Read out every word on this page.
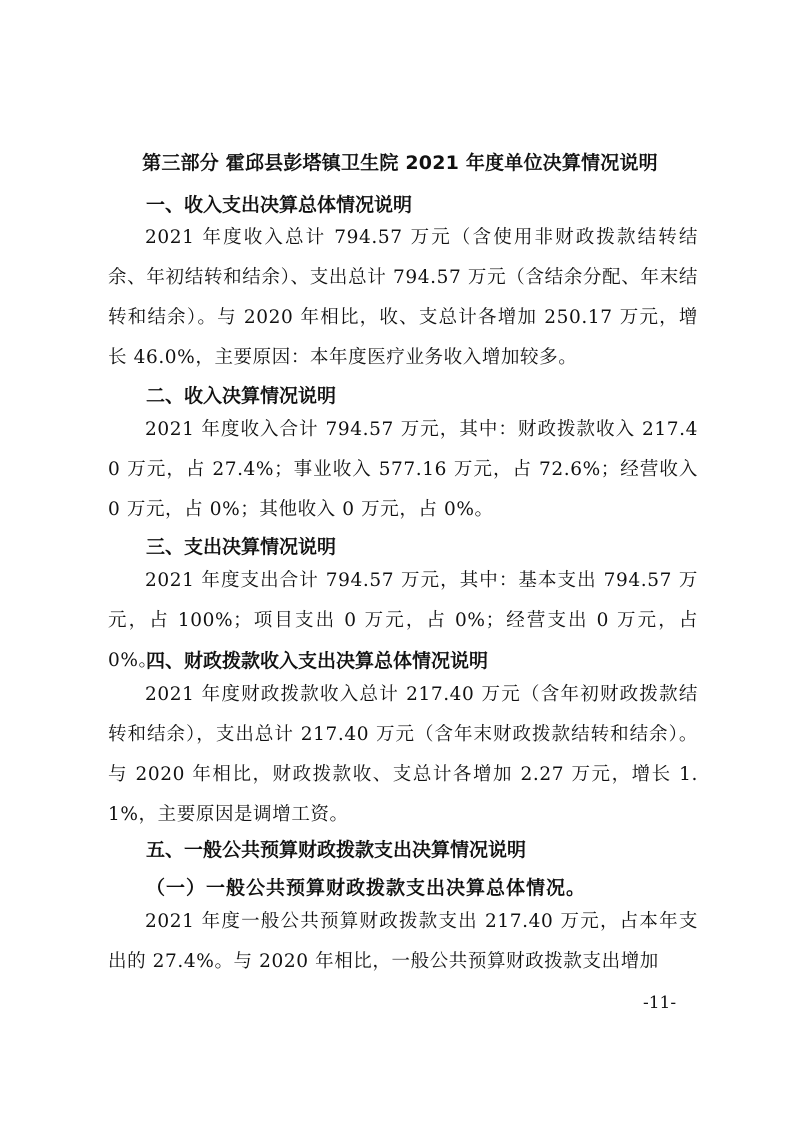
第三部分 霍邱县彭塔镇卫生院 2021 年度单位决算情况说明
一、收入支出决算总体情况说明

2021 年度收入总计 794.57 万元（含使用非财政拨款结转结余、年初结转和结余）、支出总计 794.57 万元（含结余分配、年末结转和结余）。与 2020 年相比，收、支总计各增加 250.17 万元，增长 46.0%，主要原因：本年度医疗业务收入增加较多。

二、收入决算情况说明

2021 年度收入合计 794.57 万元，其中：财政拨款收入 217.40 万元，占 27.4%；事业收入 577.16 万元，占 72.6%；经营收入 0 万元，占 0%；其他收入 0 万元，占 0%。

三、支出决算情况说明

2021 年度支出合计 794.57 万元，其中：基本支出 794.57 万元，占 100%；项目支出 0 万元，占 0%；经营支出 0 万元，占 0%。

四、财政拨款收入支出决算总体情况说明

2021 年度财政拨款收入总计 217.40 万元（含年初财政拨款结转和结余），支出总计 217.40 万元（含年末财政拨款结转和结余）。与 2020 年相比，财政拨款收、支总计各增加 2.27 万元，增长 1.1%，主要原因是调增工资。

五、一般公共预算财政拨款支出决算情况说明
（一）一般公共预算财政拨款支出决算总体情况。

2021 年度一般公共预算财政拨款支出 217.40 万元，占本年支出的 27.4%。与 2020 年相比，一般公共预算财政拨款支出增加

-11-
